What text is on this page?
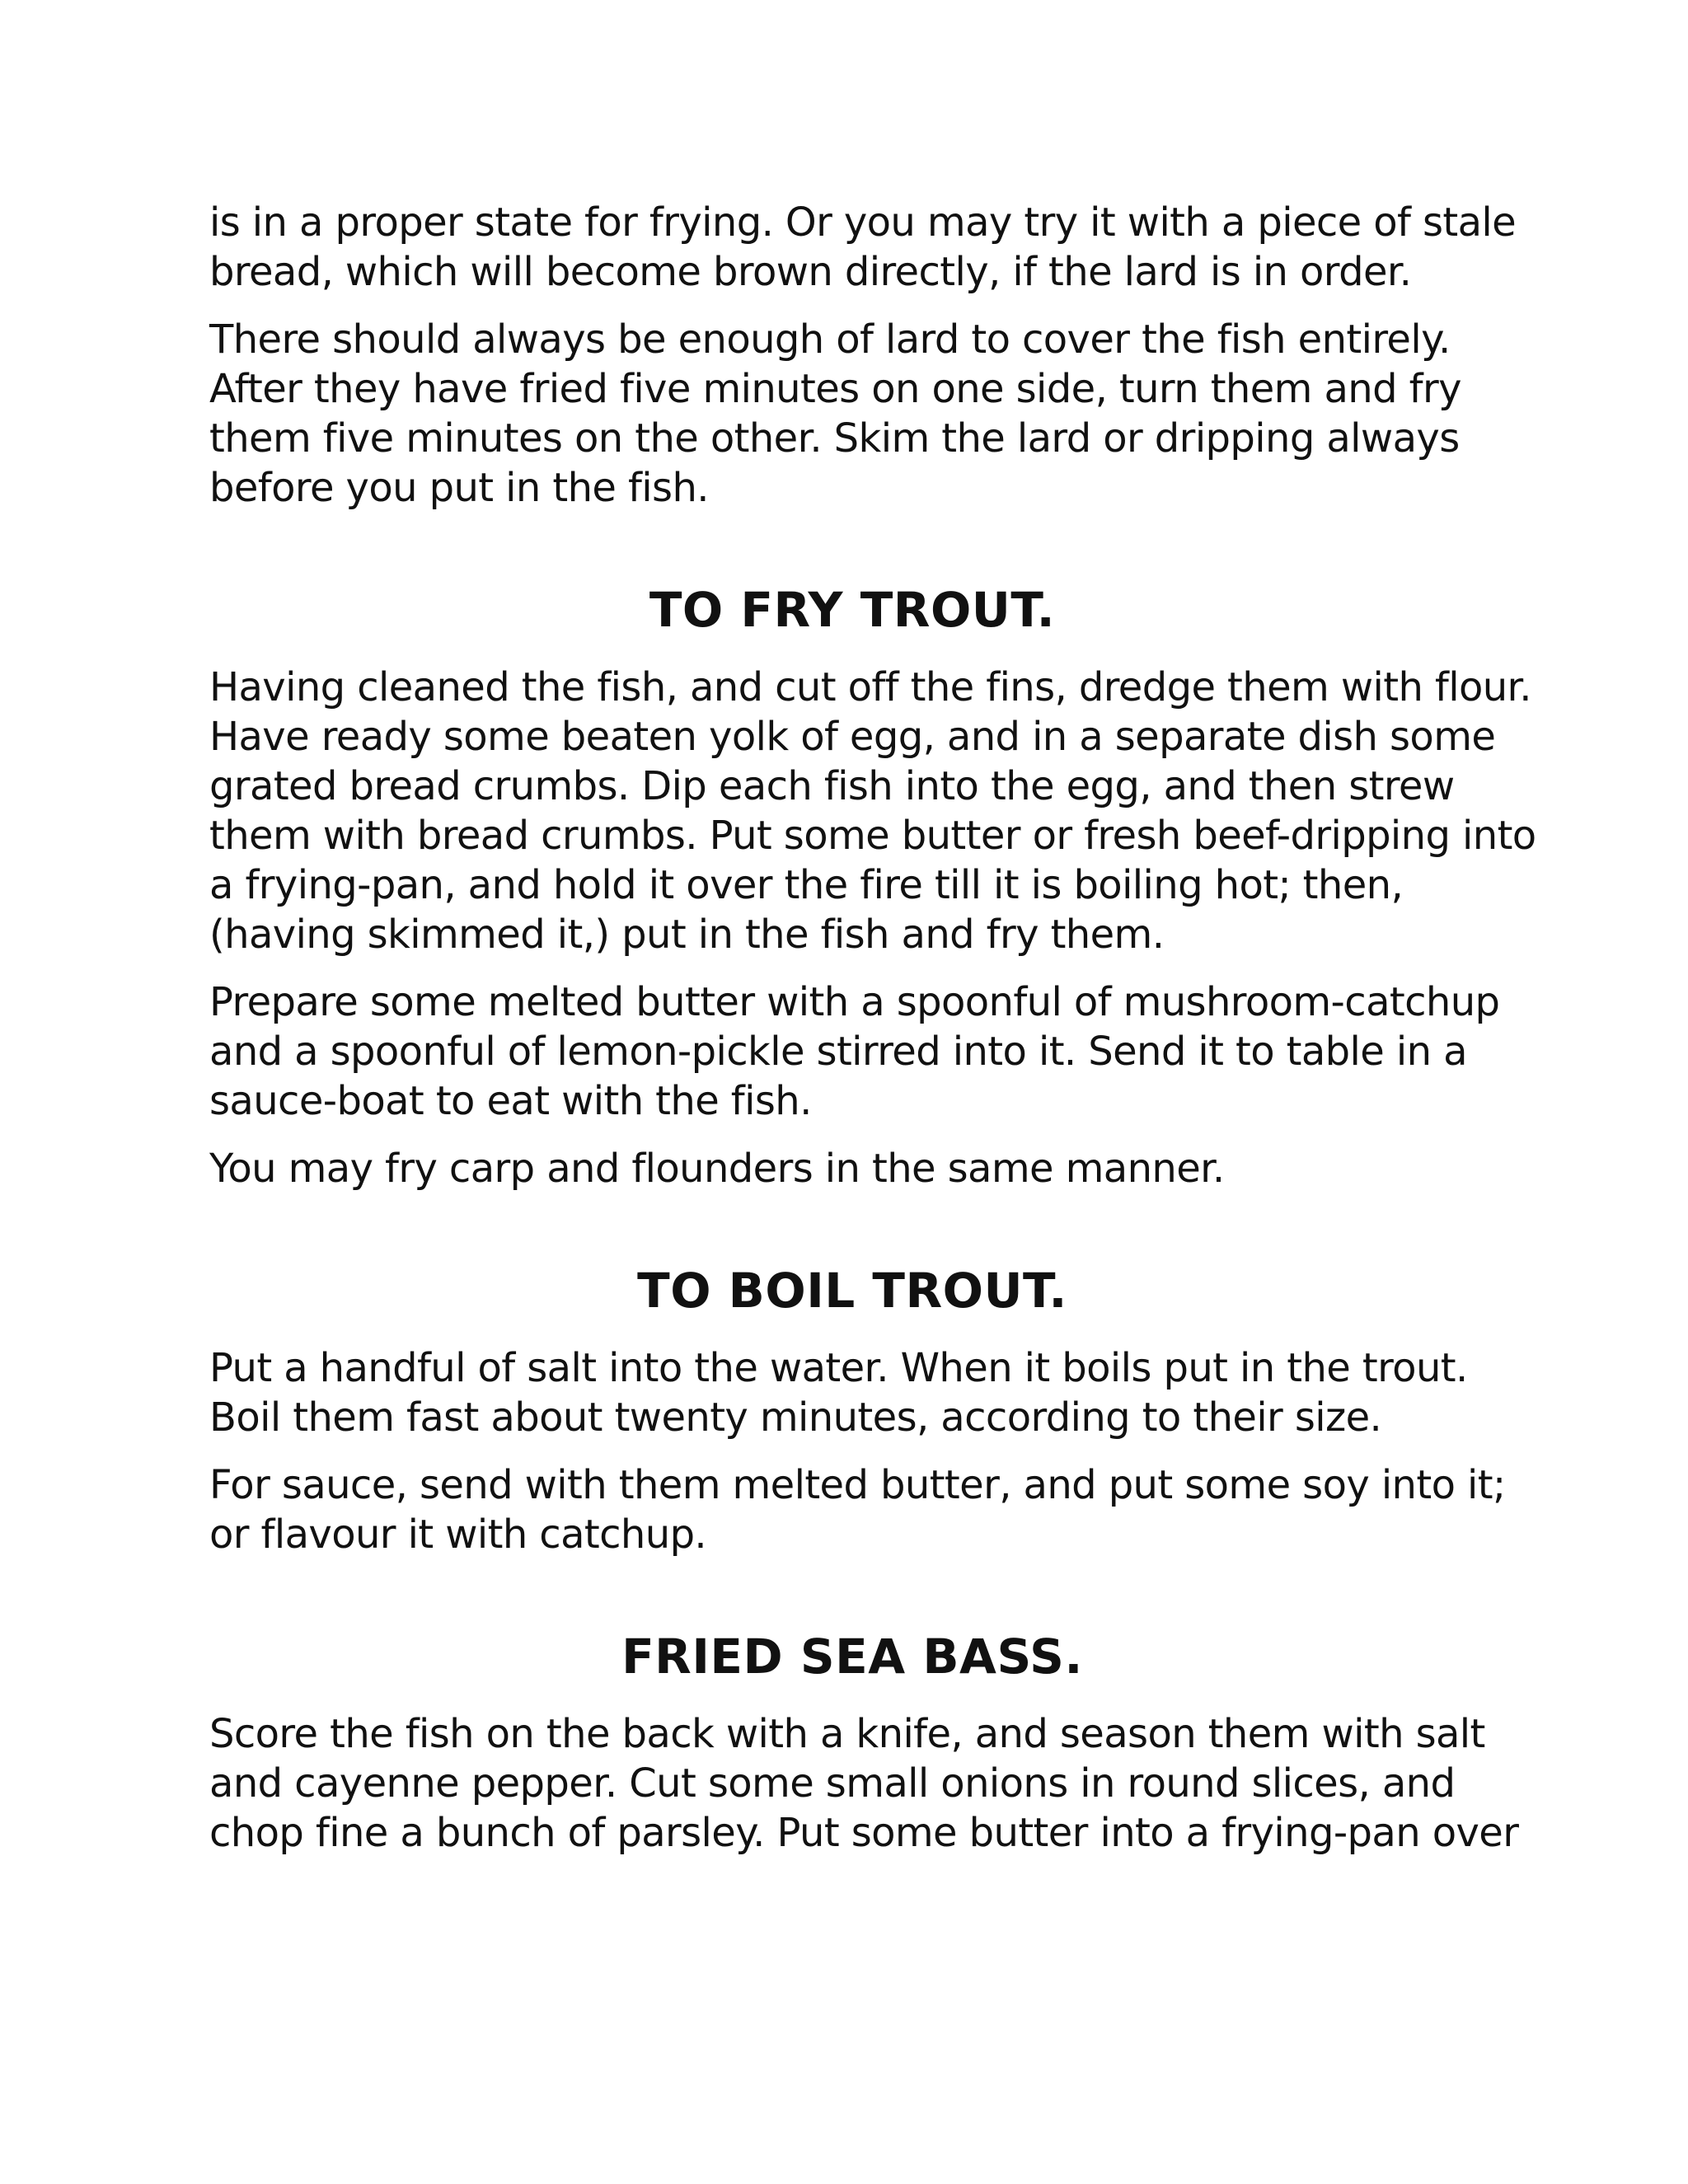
is in a proper state for frying. Or you may try it with a piece of stale
bread, which will become brown directly, if the lard is in order.

There should always be enough of lard to cover the fish entirely.
After they have fried five minutes on one side, turn them and fry
them five minutes on the other. Skim the lard or dripping always
before you put in the fish.

TO FRY TROUT.

Having cleaned the fish, and cut off the fins, dredge them with flour.
Have ready some beaten yolk of egg, and in a separate dish some
grated bread crumbs. Dip each fish into the egg, and then strew
them with bread crumbs. Put some butter or fresh beef-dripping into
a frying-pan, and hold it over the fire till it is boiling hot; then,
(having skimmed it,) put in the fish and fry them.

Prepare some melted butter with a spoonful of mushroom-catchup
and a spoonful of lemon-pickle stirred into it. Send it to table in a
sauce-boat to eat with the fish.

You may fry carp and flounders in the same manner.

TO BOIL TROUT.

Put a handful of salt into the water. When it boils put in the trout.
Boil them fast about twenty minutes, according to their size.

For sauce, send with them melted butter, and put some soy into it;
or flavour it with catchup.

FRIED SEA BASS.

Score the fish on the back with a knife, and season them with salt
and cayenne pepper. Cut some small onions in round slices, and
chop fine a bunch of parsley. Put some butter into a frying-pan over
